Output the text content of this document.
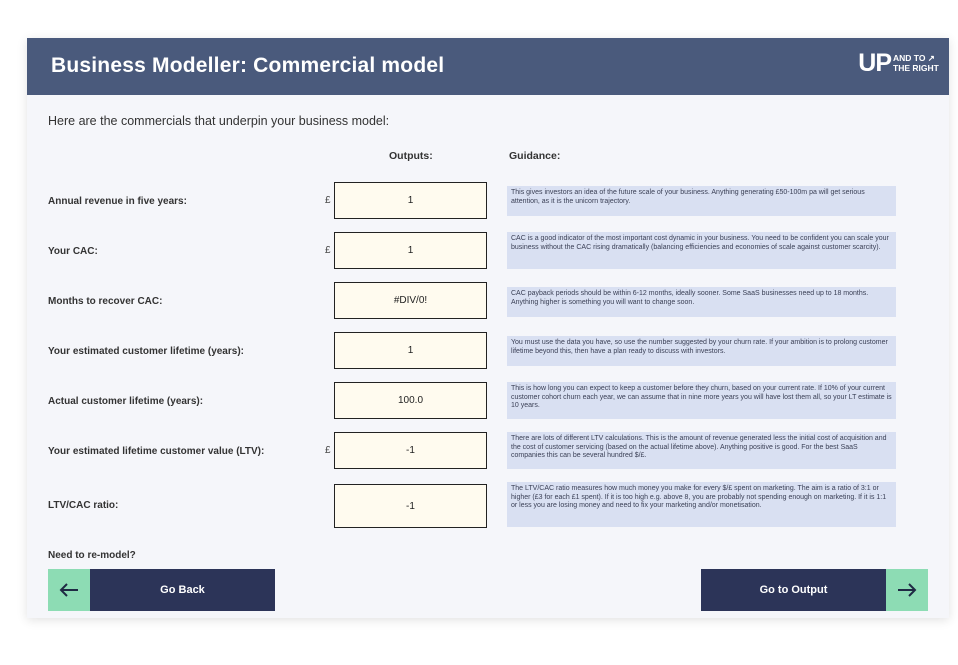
Business Modeller: Commercial model	UP AND TO ↗
THE RIGHT
Here are the commercials that underpin your business model:
Outputs:	Guidance:
Annual revenue in five years:	£	1
This gives investors an idea of the future scale of your business. Anything generating £50-100m pa will get serious attention, as it is the unicorn trajectory.
Your CAC:	£	1
CAC is a good indicator of the most important cost dynamic in your business. You need to be confident you can scale your business without the CAC rising dramatically (balancing efficiencies and economies of scale against customer scarcity).
Months to recover CAC:	#DIV/0!
CAC payback periods should be within 6-12 months, ideally sooner. Some SaaS businesses need up to 18 months. Anything higher is something you will want to change soon.
Your estimated customer lifetime (years):	1
You must use the data you have, so use the number suggested by your churn rate. If your ambition is to prolong customer lifetime beyond this, then have a plan ready to discuss with investors.
Actual customer lifetime (years):	100.0
This is how long you can expect to keep a customer before they churn, based on your current rate. If 10% of your current customer cohort churn each year, we can assume that in nine more years you will have lost them all, so your LT estimate is 10 years.
Your estimated lifetime customer value (LTV):	£	-1
There are lots of different LTV calculations. This is the amount of revenue generated less the initial cost of acquisition and the cost of customer servicing (based on the actual lifetime above). Anything positive is good. For the best SaaS companies this can be several hundred $/£.
LTV/CAC ratio:	-1
The LTV/CAC ratio measures how much money you make for every $/£ spent on marketing. The aim is a ratio of 3:1 or higher (£3 for each £1 spent). If it is too high e.g. above 8, you are probably not spending enough on marketing. If it is 1:1 or less you are losing money and need to fix your marketing and/or monetisation.
Need to re-model?
Go Back	Go to Output
